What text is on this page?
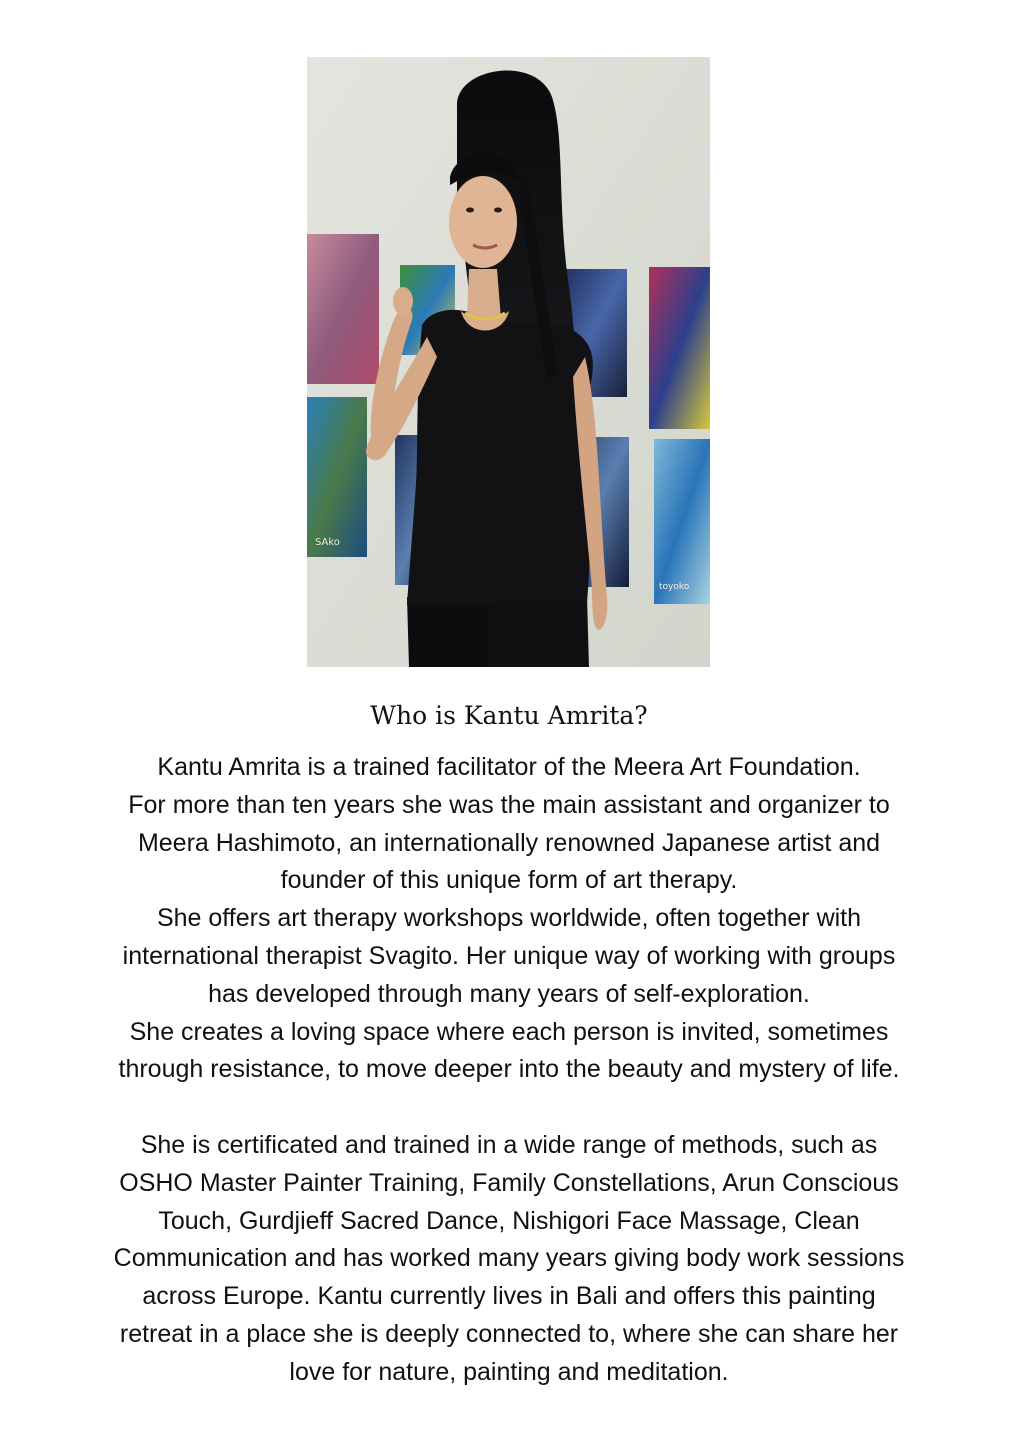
SAko
toyoko
Who is Kantu Amrita?
Kantu Amrita is a trained facilitator of the Meera Art Foundation.
For more than ten years she was the main assistant and organizer to
Meera Hashimoto, an internationally renowned Japanese artist and
founder of this unique form of art therapy.
She offers art therapy workshops worldwide, often together with
international therapist Svagito. Her unique way of working with groups
has developed through many years of self-exploration.
She creates a loving space where each person is invited, sometimes
through resistance, to move deeper into the beauty and mystery of life.
She is certificated and trained in a wide range of methods, such as
OSHO Master Painter Training, Family Constellations, Arun Conscious
Touch, Gurdjieff Sacred Dance, Nishigori Face Massage, Clean
Communication and has worked many years giving body work sessions
across Europe. Kantu currently lives in Bali and offers this painting
retreat in a place she is deeply connected to, where she can share her
love for nature, painting and meditation.
